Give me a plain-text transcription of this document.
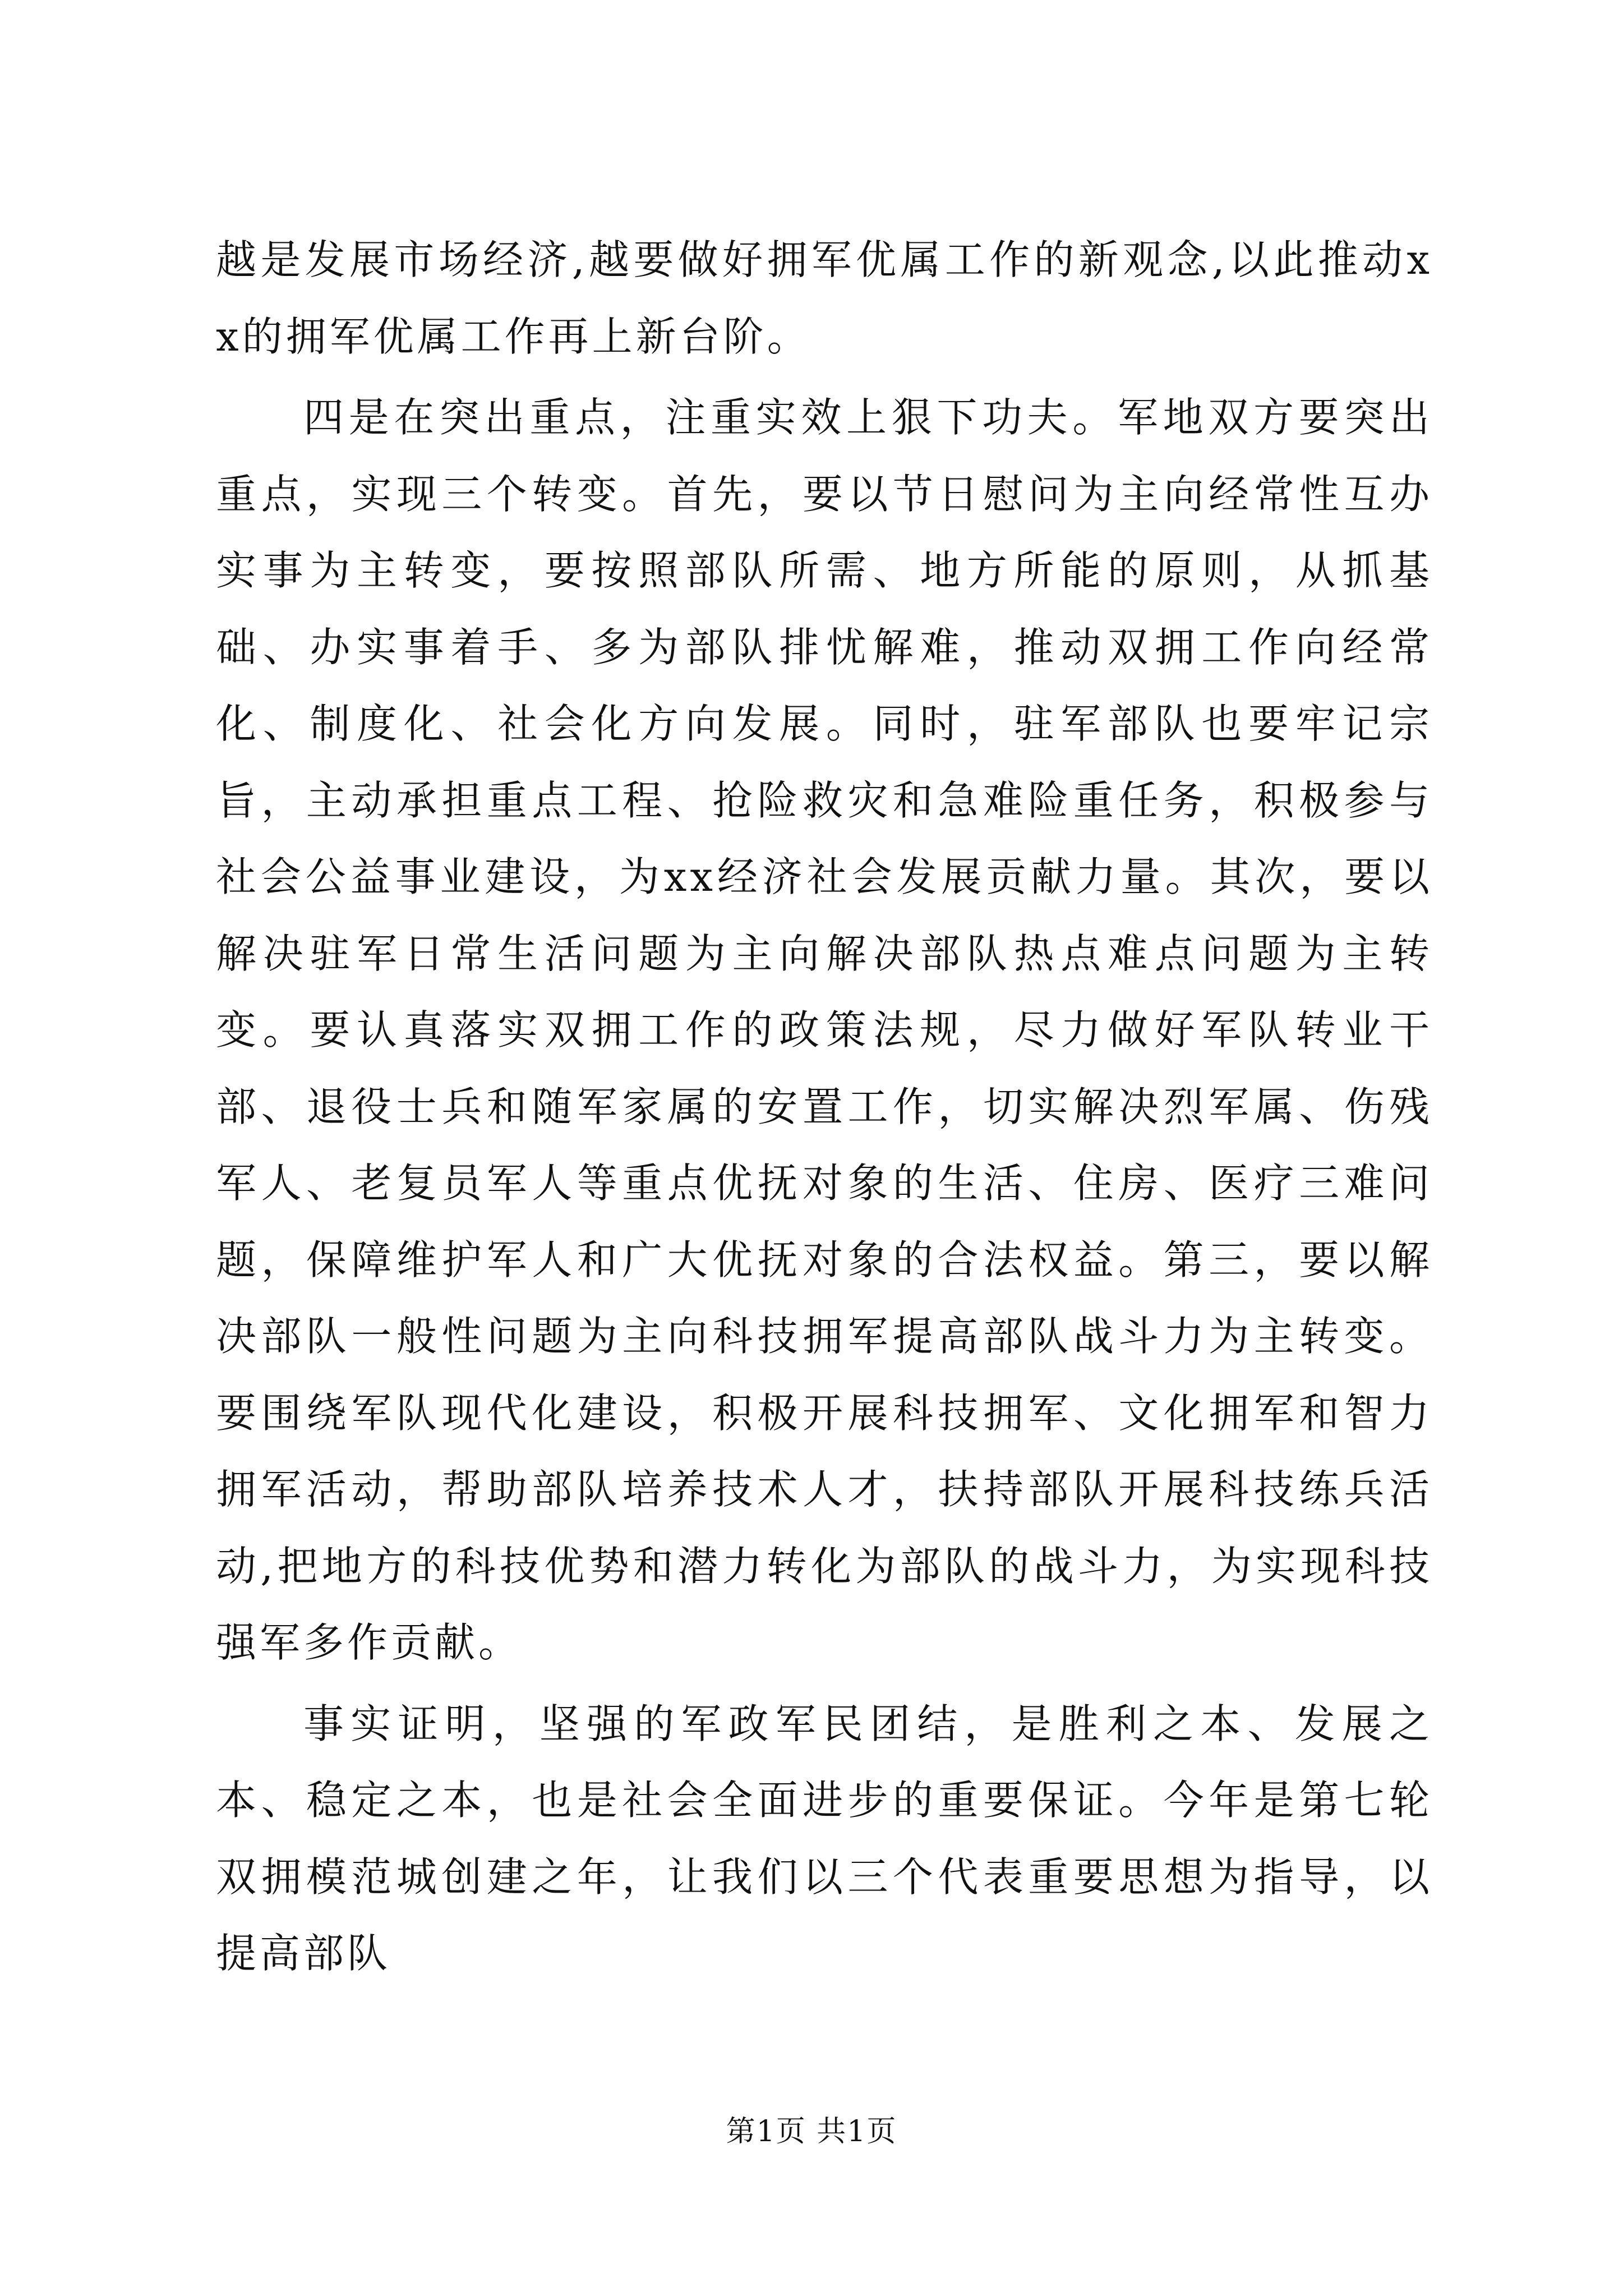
越是发展市场经济,越要做好拥军优属工作的新观念,以此推动xx的拥军优属工作再上新台阶。

四是在突出重点，注重实效上狠下功夫。军地双方要突出重点，实现三个转变。首先，要以节日慰问为主向经常性互办实事为主转变，要按照部队所需、地方所能的原则，从抓基础、办实事着手、多为部队排忧解难，推动双拥工作向经常化、制度化、社会化方向发展。同时，驻军部队也要牢记宗旨，主动承担重点工程、抢险救灾和急难险重任务，积极参与社会公益事业建设，为xx经济社会发展贡献力量。其次，要以解决驻军日常生活问题为主向解决部队热点难点问题为主转变。要认真落实双拥工作的政策法规，尽力做好军队转业干部、退役士兵和随军家属的安置工作，切实解决烈军属、伤残军人、老复员军人等重点优抚对象的生活、住房、医疗三难问题，保障维护军人和广大优抚对象的合法权益。第三，要以解决部队一般性问题为主向科技拥军提高部队战斗力为主转变。要围绕军队现代化建设，积极开展科技拥军、文化拥军和智力拥军活动，帮助部队培养技术人才，扶持部队开展科技练兵活动,把地方的科技优势和潜力转化为部队的战斗力，为实现科技强军多作贡献。

事实证明，坚强的军政军民团结，是胜利之本、发展之本、稳定之本，也是社会全面进步的重要保证。今年是第七轮双拥模范城创建之年，让我们以三个代表重要思想为指导，以提高部队

第1页 共1页
